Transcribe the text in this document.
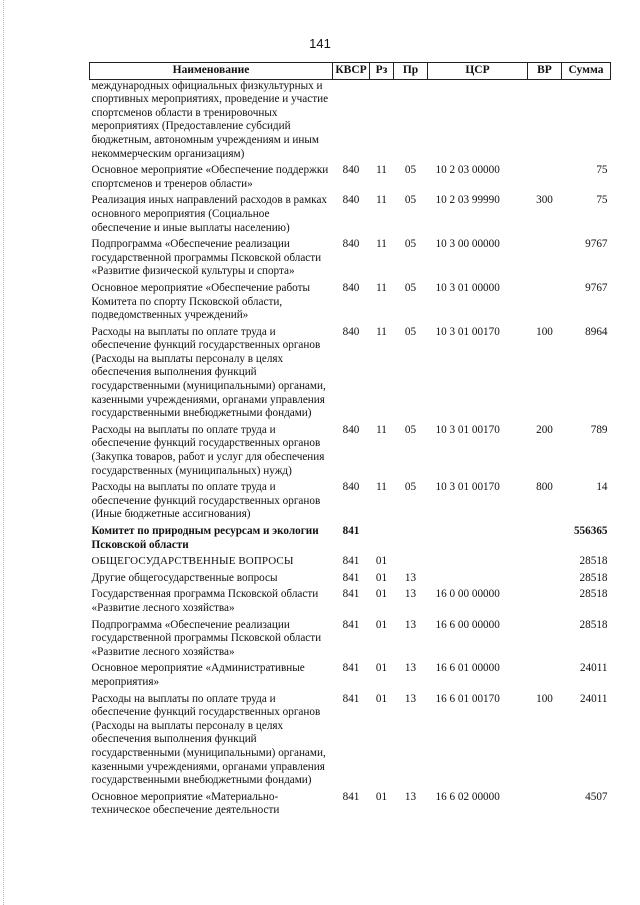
141
Наименование	КВСР	Рз	Пр	ЦСР	ВР	Сумма
международных официальных физкультурных и спортивных мероприятиях, проведение и участие спортсменов области в тренировочных мероприятиях (Предоставление субсидий бюджетным, автономным учреждениям и иным некоммерческим организациям)						
Основное мероприятие «Обеспечение поддержки спортсменов и тренеров области»	840	11	05	10 2 03 00000		75
Реализация иных направлений расходов в рамках основного мероприятия (Социальное обеспечение и иные выплаты населению)	840	11	05	10 2 03 99990	300	75
Подпрограмма «Обеспечение реализации государственной программы Псковской области «Развитие физической культуры и спорта»	840	11	05	10 3 00 00000		9767
Основное мероприятие «Обеспечение работы Комитета по спорту Псковской области, подведомственных учреждений»	840	11	05	10 3 01 00000		9767
Расходы на выплаты по оплате труда и обеспечение функций государственных органов (Расходы на выплаты персоналу в целях обеспечения выполнения функций государственными (муниципальными) органами, казенными учреждениями, органами управления государственными внебюджетными фондами)	840	11	05	10 3 01 00170	100	8964
Расходы на выплаты по оплате труда и обеспечение функций государственных органов (Закупка товаров, работ и услуг для обеспечения государственных (муниципальных) нужд)	840	11	05	10 3 01 00170	200	789
Расходы на выплаты по оплате труда и обеспечение функций государственных органов (Иные бюджетные ассигнования)	840	11	05	10 3 01 00170	800	14
Комитет по природным ресурсам и экологии Псковской области	841					556365
ОБЩЕГОСУДАРСТВЕННЫЕ ВОПРОСЫ	841	01				28518
Другие общегосударственные вопросы	841	01	13			28518
Государственная программа Псковской области «Развитие лесного хозяйства»	841	01	13	16 0 00 00000		28518
Подпрограмма «Обеспечение реализации государственной программы Псковской области «Развитие лесного хозяйства»	841	01	13	16 6 00 00000		28518
Основное мероприятие «Административные мероприятия»	841	01	13	16 6 01 00000		24011
Расходы на выплаты по оплате труда и обеспечение функций государственных органов (Расходы на выплаты персоналу в целях обеспечения выполнения функций государственными (муниципальными) органами, казенными учреждениями, органами управления государственными внебюджетными фондами)	841	01	13	16 6 01 00170	100	24011
Основное мероприятие «Материально-техническое обеспечение деятельности	841	01	13	16 6 02 00000		4507
